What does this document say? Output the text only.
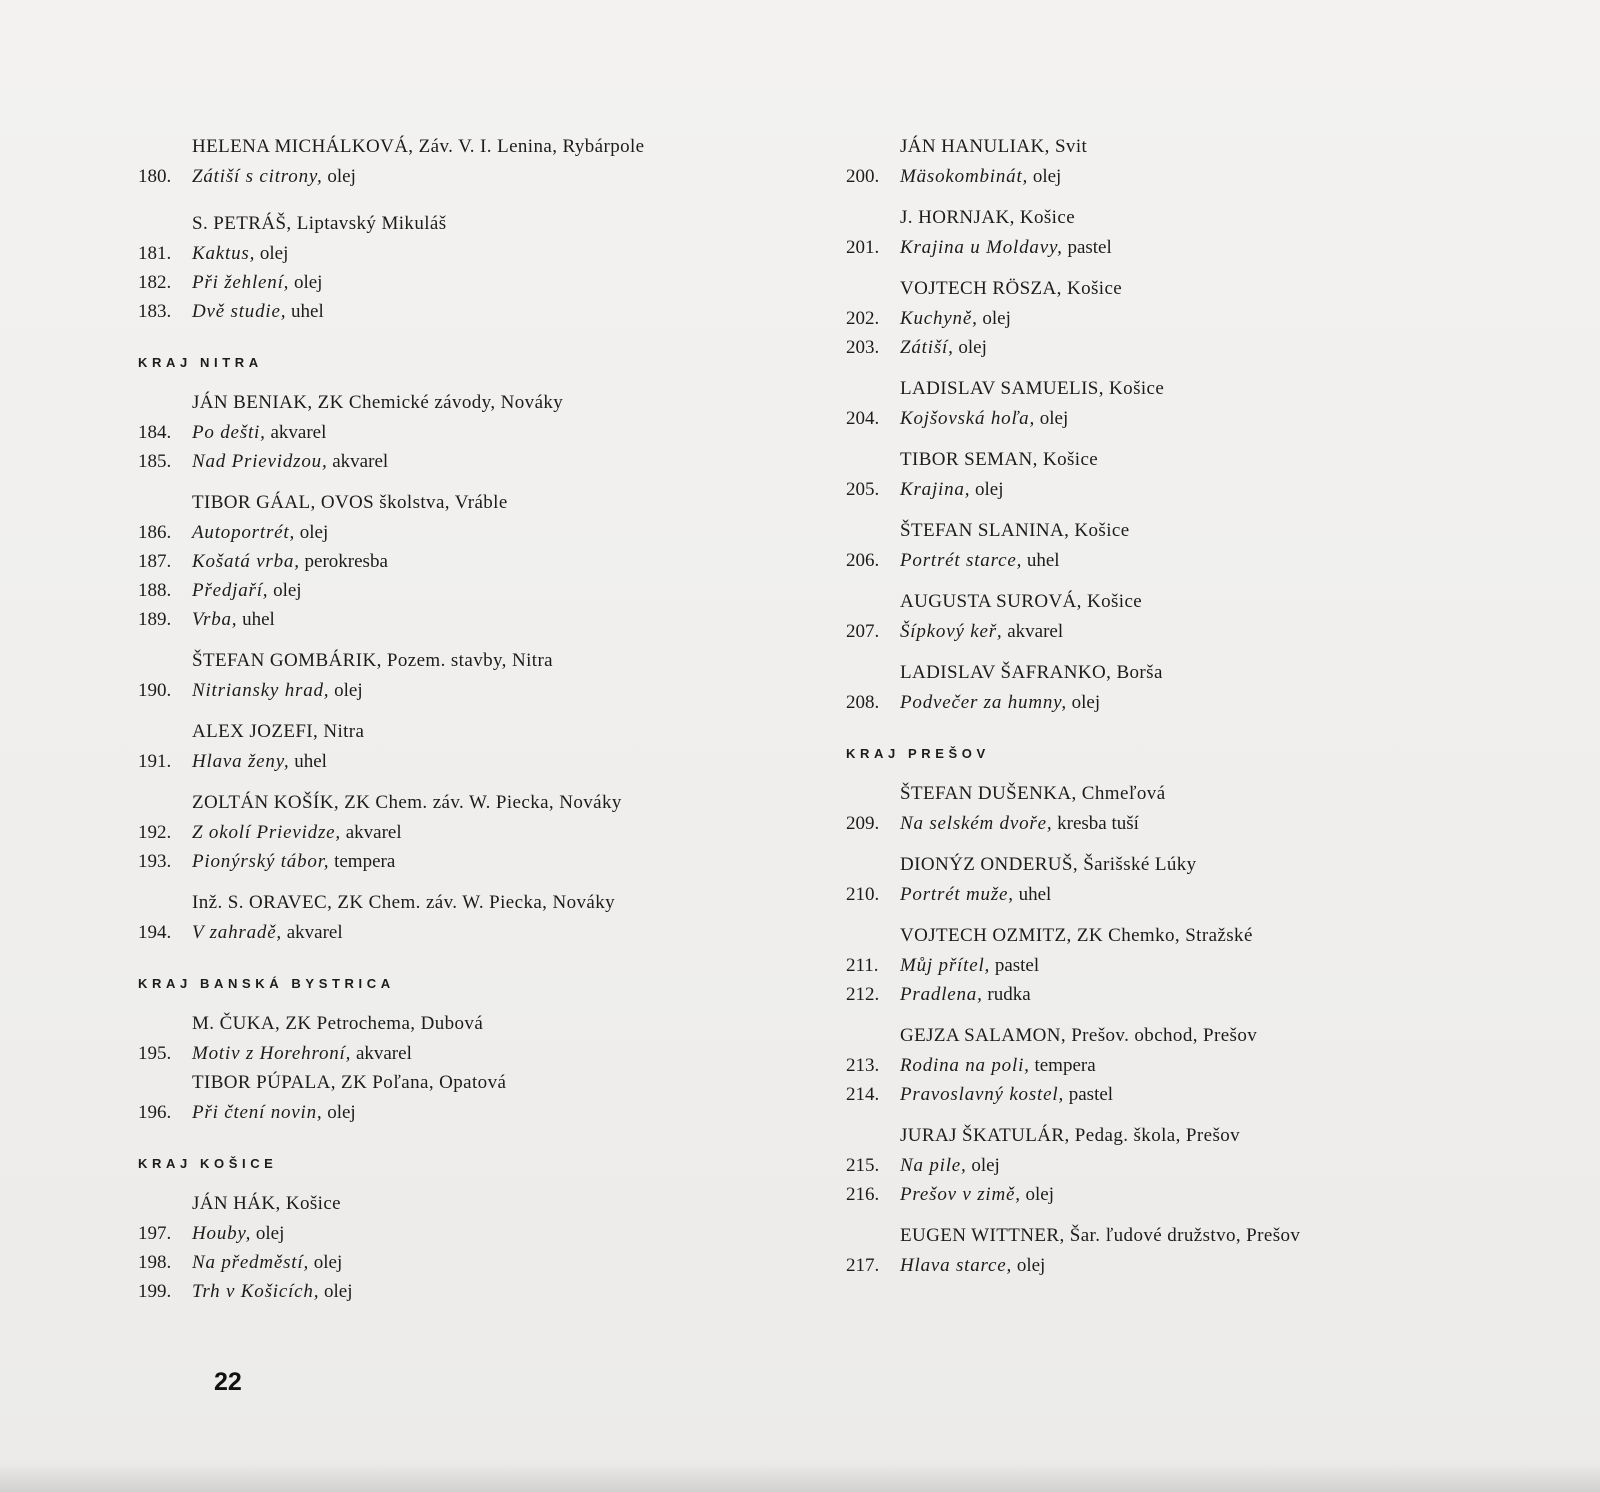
HELENA MICHÁLKOVÁ, Záv. V. I. Lenina, Rybárpole
180. Zátiší s citrony, olej
S. PETRÁŠ, Liptavský Mikuláš
181. Kaktus, olej
182. Při žehlení, olej
183. Dvě studie, uhel
KRAJ NITRA
JÁN BENIAK, ZK Chemické závody, Nováky
184. Po dešti, akvarel
185. Nad Prievidzou, akvarel
TIBOR GÁAL, OVOS školstva, Vráble
186. Autoportrét, olej
187. Košatá vrba, perokresba
188. Předjaří, olej
189. Vrba, uhel
ŠTEFAN GOMBÁRIK, Pozem. stavby, Nitra
190. Nitriansky hrad, olej
ALEX JOZEFI, Nitra
191. Hlava ženy, uhel
ZOLTÁN KOŠÍK, ZK Chem. záv. W. Piecka, Nováky
192. Z okolí Prievidze, akvarel
193. Pionýrský tábor, tempera
Inž. S. ORAVEC, ZK Chem. záv. W. Piecka, Nováky
194. V zahradě, akvarel
KRAJ BANSKÁ BYSTRICA
M. ČUKA, ZK Petrochema, Dubová
195. Motiv z Horehroní, akvarel
TIBOR PÚPALA, ZK Poľana, Opatová
196. Při čtení novin, olej
KRAJ KOŠICE
JÁN HÁK, Košice
197. Houby, olej
198. Na předměstí, olej
199. Trh v Košicích, olej
JÁN HANULIAK, Svit
200. Mäsokombinát, olej
J. HORNJAK, Košice
201. Krajina u Moldavy, pastel
VOJTECH RÖSZA, Košice
202. Kuchyně, olej
203. Zátiší, olej
LADISLAV SAMUELIS, Košice
204. Kojšovská hoľa, olej
TIBOR SEMAN, Košice
205. Krajina, olej
ŠTEFAN SLANINA, Košice
206. Portrét starce, uhel
AUGUSTA SUROVÁ, Košice
207. Šípkový keř, akvarel
LADISLAV ŠAFRANKO, Borša
208. Podvečer za humny, olej
KRAJ PREŠOV
ŠTEFAN DUŠENKA, Chmeľová
209. Na selském dvoře, kresba tuší
DIONÝZ ONDERUŠ, Šarišské Lúky
210. Portrét muže, uhel
VOJTECH OZMITZ, ZK Chemko, Stražské
211. Můj přítel, pastel
212. Pradlena, rudka
GEJZA SALAMON, Prešov. obchod, Prešov
213. Rodina na poli, tempera
214. Pravoslavný kostel, pastel
JURAJ ŠKATULÁR, Pedag. škola, Prešov
215. Na pile, olej
216. Prešov v zimě, olej
EUGEN WITTNER, Šar. ľudové družstvo, Prešov
217. Hlava starce, olej
22
